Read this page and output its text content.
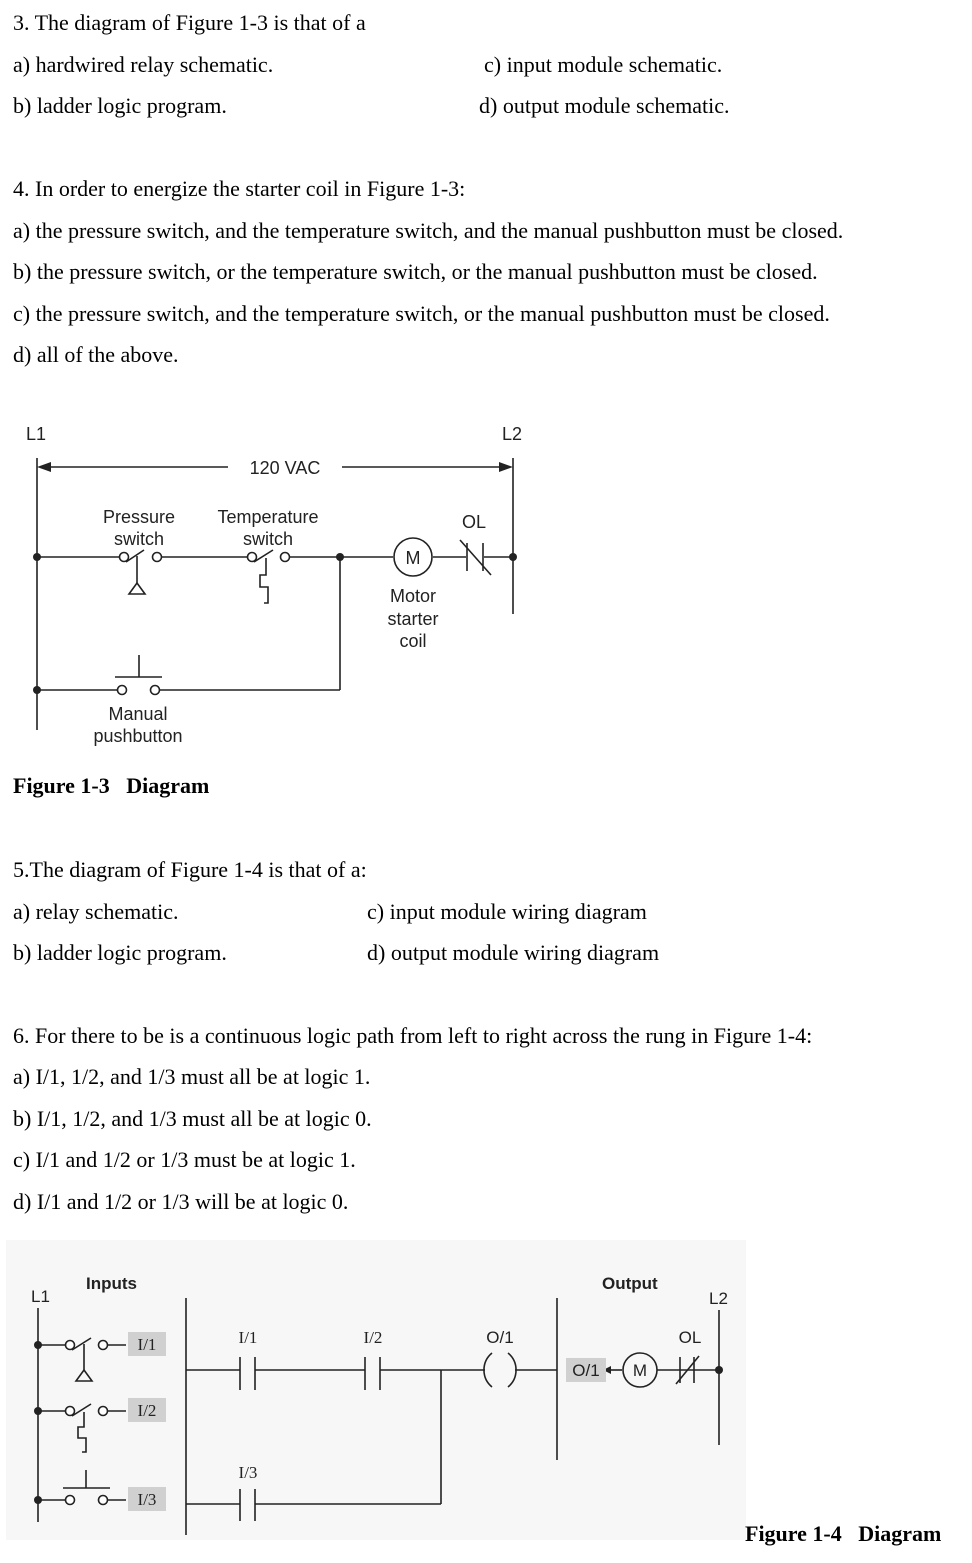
3. The diagram of Figure 1-3 is that of a
a) hardwired relay schematic.
b) ladder logic program.
c) input module schematic.
d) output module schematic.
4. In order to energize the starter coil in Figure 1-3:
a) the pressure switch, and the temperature switch, and the manual pushbutton must be closed.
b) the pressure switch, or the temperature switch, or the manual pushbutton must be closed.
c) the pressure switch, and the temperature switch, or the manual pushbutton must be closed.
d) all of the above.
L1	L2
120 VAC
Pressure
switch
Temperature
switch
OL
M
Motor
starter
coil
Manual
pushbutton
L1	L2
Inputs	Output
I/1
I/2
I/3
I/1	I/2
I/3
O/1
O/1 M
OL
Figure 1-3   Diagram
5.The diagram of Figure 1-4 is that of a:
a) relay schematic.
b) ladder logic program.
c) input module wiring diagram
d) output module wiring diagram
6. For there to be is a continuous logic path from left to right across the rung in Figure 1-4:
a) I/1, 1/2, and 1/3 must all be at logic 1.
b) I/1, 1/2, and 1/3 must all be at logic 0.
c) I/1 and 1/2 or 1/3 must be at logic 1.
d) I/1 and 1/2 or 1/3 will be at logic 0.
Figure 1-4   Diagram
